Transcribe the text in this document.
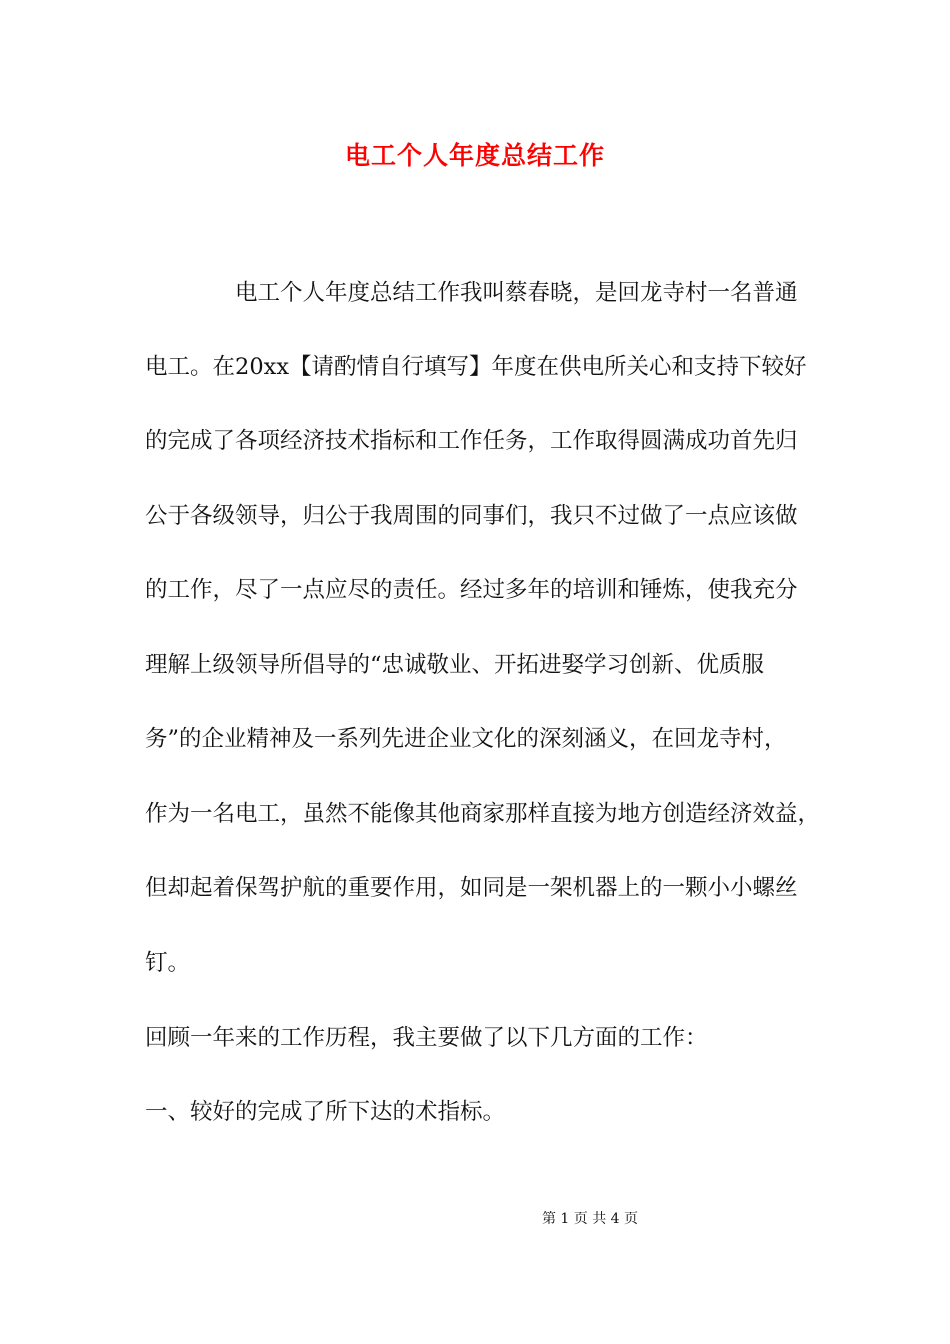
电工个人年度总结工作
电工个人年度总结工作我叫蔡春晓，是回龙寺村一名普通
电工。在20xx【请酌情自行填写】年度在供电所关心和支持下较好
的完成了各项经济技术指标和工作任务，工作取得圆满成功首先归
公于各级领导，归公于我周围的同事们，我只不过做了一点应该做
的工作，尽了一点应尽的责任。经过多年的培训和锤炼，使我充分
理解上级领导所倡导的“忠诚敬业、开拓进娶学习创新、优质服
务”的企业精神及一系列先进企业文化的深刻涵义，在回龙寺村，
作为一名电工，虽然不能像其他商家那样直接为地方创造经济效益，
但却起着保驾护航的重要作用，如同是一架机器上的一颗小小螺丝
钉。
回顾一年来的工作历程，我主要做了以下几方面的工作：
一、较好的完成了所下达的术指标。
第 1 页 共 4 页
